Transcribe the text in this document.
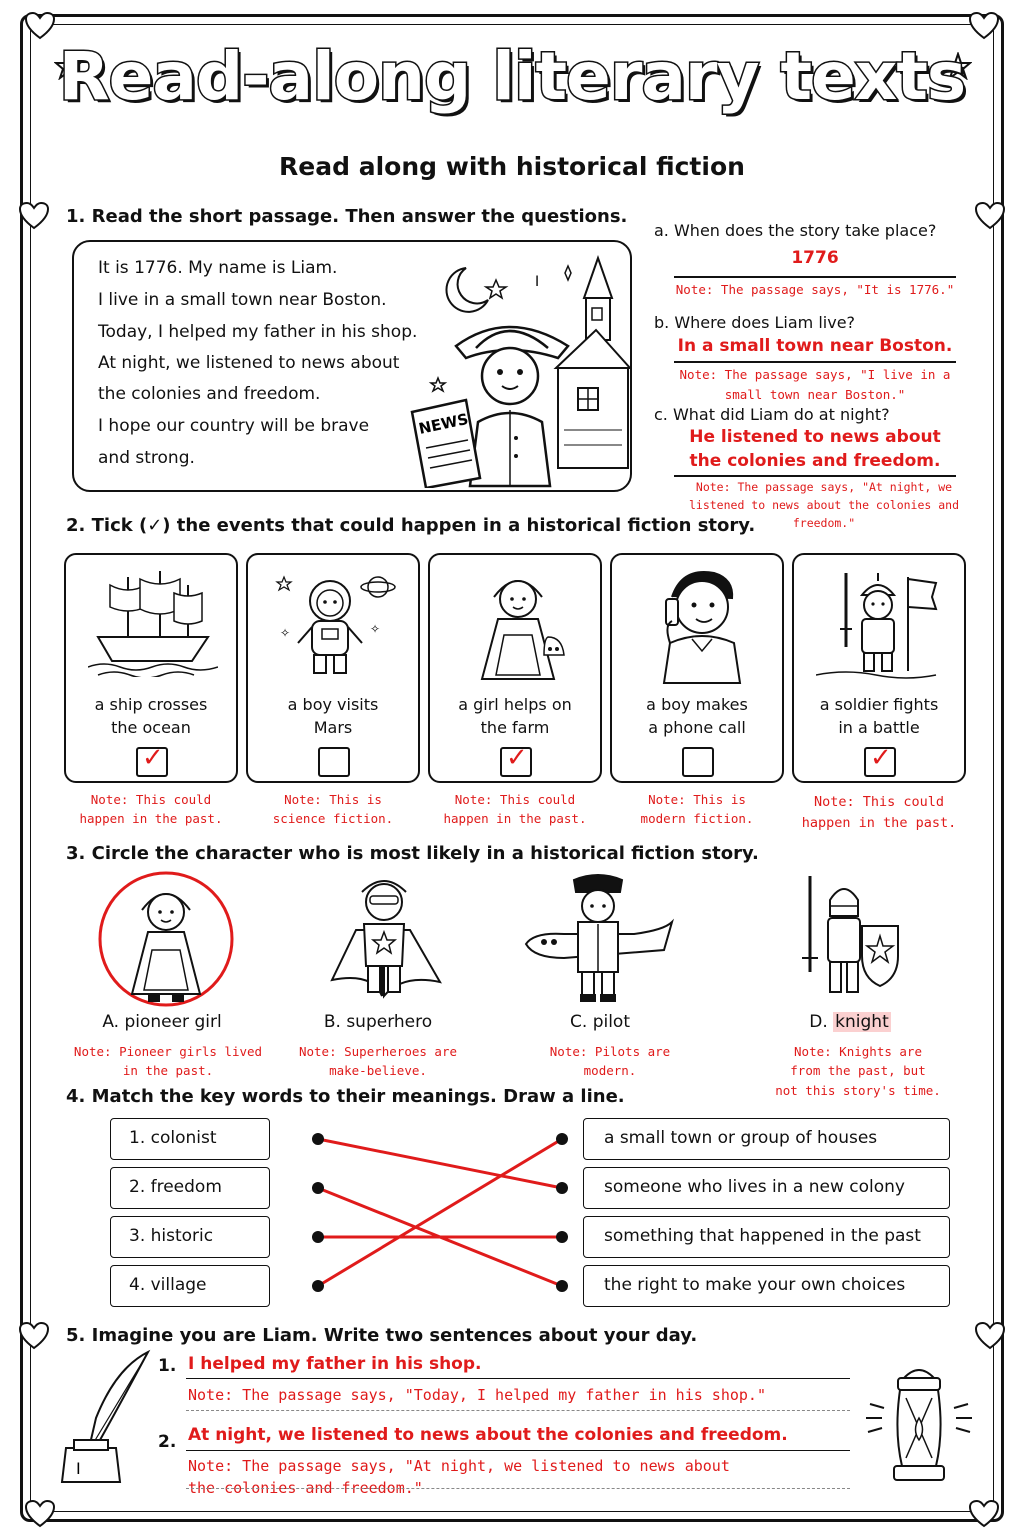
Read-along literary texts
Read along with historical fiction
1. Read the short passage. Then answer the questions.
It is 1776. My name is Liam.
I live in a small town near Boston.
Today, I helped my father in his shop.
At night, we listened to news about
the colonies and freedom.
I hope our country will be brave
and strong.
I
NEWS
a. When does the story take place?
1776
Note: The passage says, "It is 1776."
b. Where does Liam live?
In a small town near Boston.
Note: The passage says, "I live in a
small town near Boston."
c. What did Liam do at night?
He listened to news about
the colonies and freedom.
Note: The passage says, "At night, we
listened to news about the colonies and freedom."
2. Tick (✓) the events that could happen in a historical fiction story.
a ship crosses
the ocean
✓
✧
✧
a boy visits
Mars
a girl helps on
the farm
✓
a boy makes
a phone call
a soldier fights
in a battle
✓
Note: This could
happen in the past.
Note: This is
science fiction.
Note: This could
happen in the past.
Note: This is
modern fiction.
Note: This could
happen in the past.
3. Circle the character who is most likely in a historical fiction story.
A. pioneer girl	B. superhero	C. pilot	D. knight
Note: Pioneer girls lived
in the past.
Note: Superheroes are
make-believe.
Note: Pilots are
modern.
Note: Knights are
from the past, but
not this story's time.
4. Match the key words to their meanings. Draw a line.
1. colonist
2. freedom
3. historic
4. village
a small town or group of houses
someone who lives in a new colony
something that happened in the past
the right to make your own choices
5. Imagine you are Liam. Write two sentences about your day.
1. I helped my father in his shop.
Note: The passage says, "Today, I helped my father in his shop."
2. At night, we listened to news about the colonies and freedom.
Note: The passage says, "At night, we listened to news about
the colonies and freedom."
I
